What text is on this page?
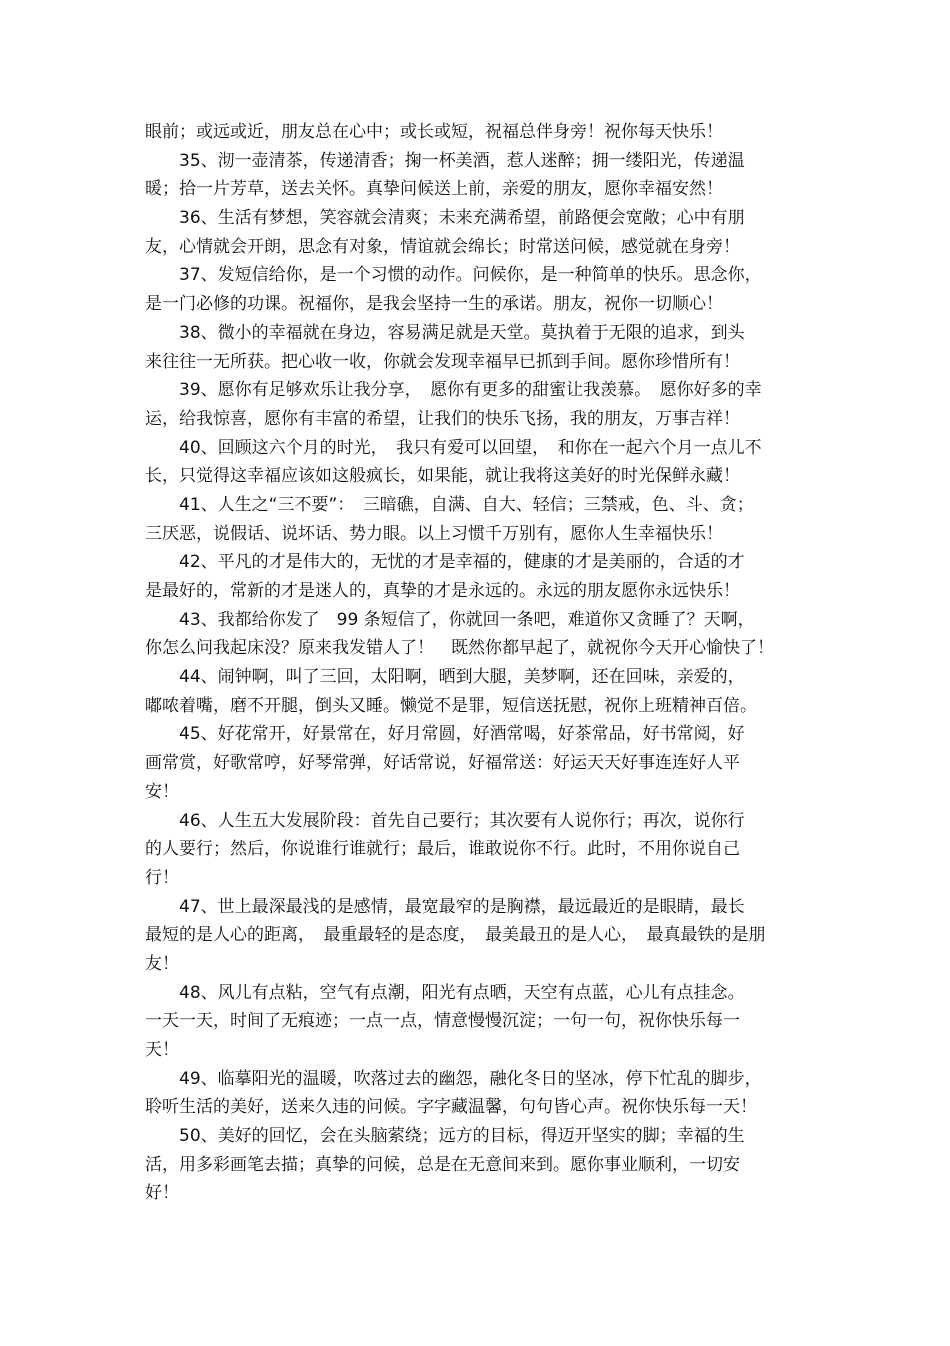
眼前；或远或近，朋友总在心中；或长或短，祝福总伴身旁！祝你每天快乐！
35、沏一壶清茶，传递清香；掬一杯美酒，惹人迷醉；拥一缕阳光，传递温
暖；拾一片芳草，送去关怀。真挚问候送上前，亲爱的朋友，愿你幸福安然！
36、生活有梦想，笑容就会清爽；未来充满希望，前路便会宽敞；心中有朋
友，心情就会开朗，思念有对象，情谊就会绵长；时常送问候，感觉就在身旁！
37、发短信给你，是一个习惯的动作。问候你，是一种简单的快乐。思念你，
是一门必修的功课。祝福你，是我会坚持一生的承诺。朋友，祝你一切顺心！
38、微小的幸福就在身边，容易满足就是天堂。莫执着于无限的追求，到头
来往往一无所获。把心收一收，你就会发现幸福早已抓到手间。愿你珍惜所有！
39、愿你有足够欢乐让我分享，　愿你有更多的甜蜜让我羡慕。　愿你好多的幸
运，给我惊喜，愿你有丰富的希望，让我们的快乐飞扬，我的朋友，万事吉祥！
40、回顾这六个月的时光，　我只有爱可以回望，　和你在一起六个月一点儿不
长，只觉得这幸福应该如这般疯长，如果能，就让我将这美好的时光保鲜永藏！
41、人生之“三不要”：　三暗礁，自满、自大、轻信；三禁戒，色、斗、贪；
三厌恶，说假话、说坏话、势力眼。以上习惯千万别有，愿你人生幸福快乐！
42、平凡的才是伟大的，无忧的才是幸福的，健康的才是美丽的，合适的才
是最好的，常新的才是迷人的，真挚的才是永远的。永远的朋友愿你永远快乐！
43、我都给你发了　99 条短信了，你就回一条吧，难道你又贪睡了？天啊，
你怎么问我起床没？原来我发错人了！　既然你都早起了，就祝你今天开心愉快了！
44、闹钟啊，叫了三回，太阳啊，晒到大腿，美梦啊，还在回味，亲爱的，
嘟哝着嘴，磨不开腿，倒头又睡。懒觉不是罪，短信送抚慰，祝你上班精神百倍。
45、好花常开，好景常在，好月常圆，好酒常喝，好茶常品，好书常阅，好
画常赏，好歌常哼，好琴常弹，好话常说，好福常送：好运天天好事连连好人平
安！
46、人生五大发展阶段：首先自己要行；其次要有人说你行；再次，说你行
的人要行；然后，你说谁行谁就行；最后，谁敢说你不行。此时，不用你说自己
行！
47、世上最深最浅的是感情，最宽最窄的是胸襟，最远最近的是眼睛，最长
最短的是人心的距离，　最重最轻的是态度，　最美最丑的是人心，　最真最铁的是朋
友！
48、风儿有点粘，空气有点潮，阳光有点晒，天空有点蓝，心儿有点挂念。
一天一天，时间了无痕迹；一点一点，情意慢慢沉淀；一句一句，祝你快乐每一
天！
49、临摹阳光的温暖，吹落过去的幽怨，融化冬日的坚冰，停下忙乱的脚步，
聆听生活的美好，送来久违的问候。字字藏温馨，句句皆心声。祝你快乐每一天！
50、美好的回忆，会在头脑萦绕；远方的目标，得迈开坚实的脚；幸福的生
活，用多彩画笔去描；真挚的问候，总是在无意间来到。愿你事业顺利，一切安
好！
